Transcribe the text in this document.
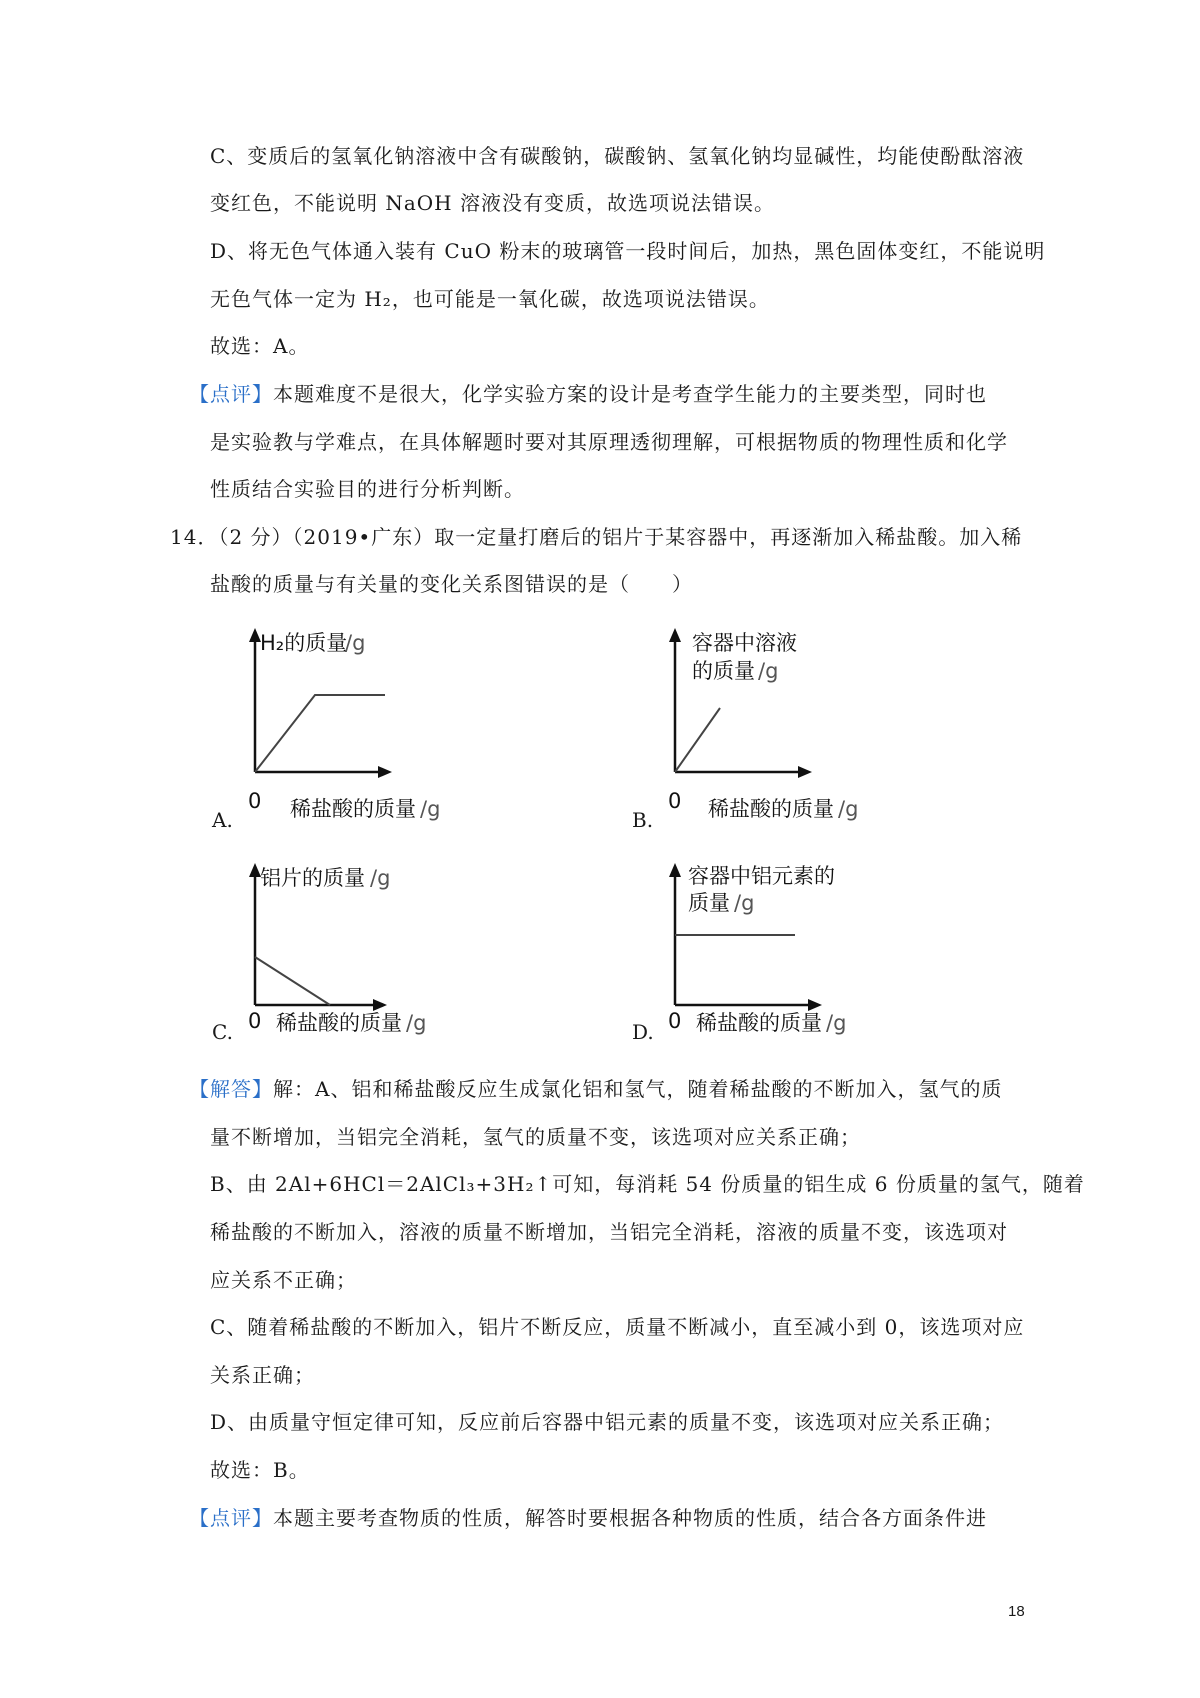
C、变质后的氢氧化钠溶液中含有碳酸钠，碳酸钠、氢氧化钠均显碱性，均能使酚酞溶液
变红色，不能说明 NaOH 溶液没有变质，故选项说法错误。
D、将无色气体通入装有 CuO 粉末的玻璃管一段时间后，加热，黑色固体变红，不能说明
无色气体一定为 H₂，也可能是一氧化碳，故选项说法错误。
故选：A。
【点评】本题难度不是很大，化学实验方案的设计是考查学生能力的主要类型，同时也
是实验教与学难点，在具体解题时要对其原理透彻理解，可根据物质的物理性质和化学
性质结合实验目的进行分析判断。
14．（2 分）（2019•广东）取一定量打磨后的铝片于某容器中，再逐渐加入稀盐酸。加入稀
盐酸的质量与有关量的变化关系图错误的是（　　）
H₂的质量
/g
A.
0 稀盐酸的质量 /g
容器中溶液
的质量 /g
B.
0 稀盐酸的质量 /g
铝片的质量 /g
C. 0 稀盐酸的质量 /g
容器中铝元素的
质量 /g
D. 0 稀盐酸的质量 /g
【解答】解：A、铝和稀盐酸反应生成氯化铝和氢气，随着稀盐酸的不断加入，氢气的质
量不断增加，当铝完全消耗，氢气的质量不变，该选项对应关系正确；
B、由 2Al+6HCl＝2AlCl₃+3H₂↑可知，每消耗 54 份质量的铝生成 6 份质量的氢气，随着
稀盐酸的不断加入，溶液的质量不断增加，当铝完全消耗，溶液的质量不变，该选项对
应关系不正确；
C、随着稀盐酸的不断加入，铝片不断反应，质量不断减小，直至减小到 0，该选项对应
关系正确；
D、由质量守恒定律可知，反应前后容器中铝元素的质量不变，该选项对应关系正确；
故选：B。
【点评】本题主要考查物质的性质，解答时要根据各种物质的性质，结合各方面条件进
18
